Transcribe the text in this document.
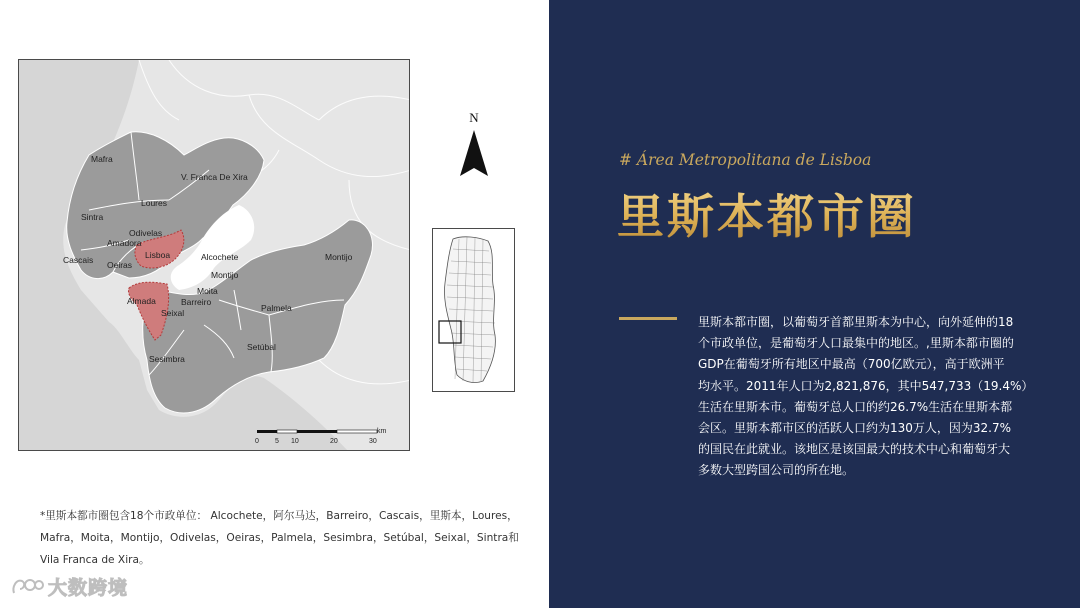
Mafra
V. Franca De Xira
Loures
Sintra
Odivelas
Amadora
Lisboa
Cascais Oeiras
Alcochete
Montijo
Montijo
Moita
Barreiro
Almada
Seixal	Palmela
Sesimbra
Setúbal
0 5 10	20	30
km
N
*里斯本都市圈包含18个市政单位： Alcochete，阿尔马达，Barreiro，Cascais，里斯本，Loures，
Mafra，Moita，Montijo，Odivelas，Oeiras，Palmela，Sesimbra，Setúbal，Seixal，Sintra和
Vila Franca de Xira。
大数跨境
# Área Metropolitana de Lisboa
里斯本都市圈
里斯本都市圈，以葡萄牙首都里斯本为中心，向外延伸的18
个市政单位，是葡萄牙人口最集中的地区。,里斯本都市圈的
GDP在葡萄牙所有地区中最高（700亿欧元），高于欧洲平
均水平。2011年人口为2,821,876，其中547,733（19.4%）
生活在里斯本市。葡萄牙总人口的约26.7%生活在里斯本都
会区。里斯本都市区的活跃人口约为130万人，因为32.7%
的国民在此就业。该地区是该国最大的技术中心和葡萄牙大
多数大型跨国公司的所在地。
